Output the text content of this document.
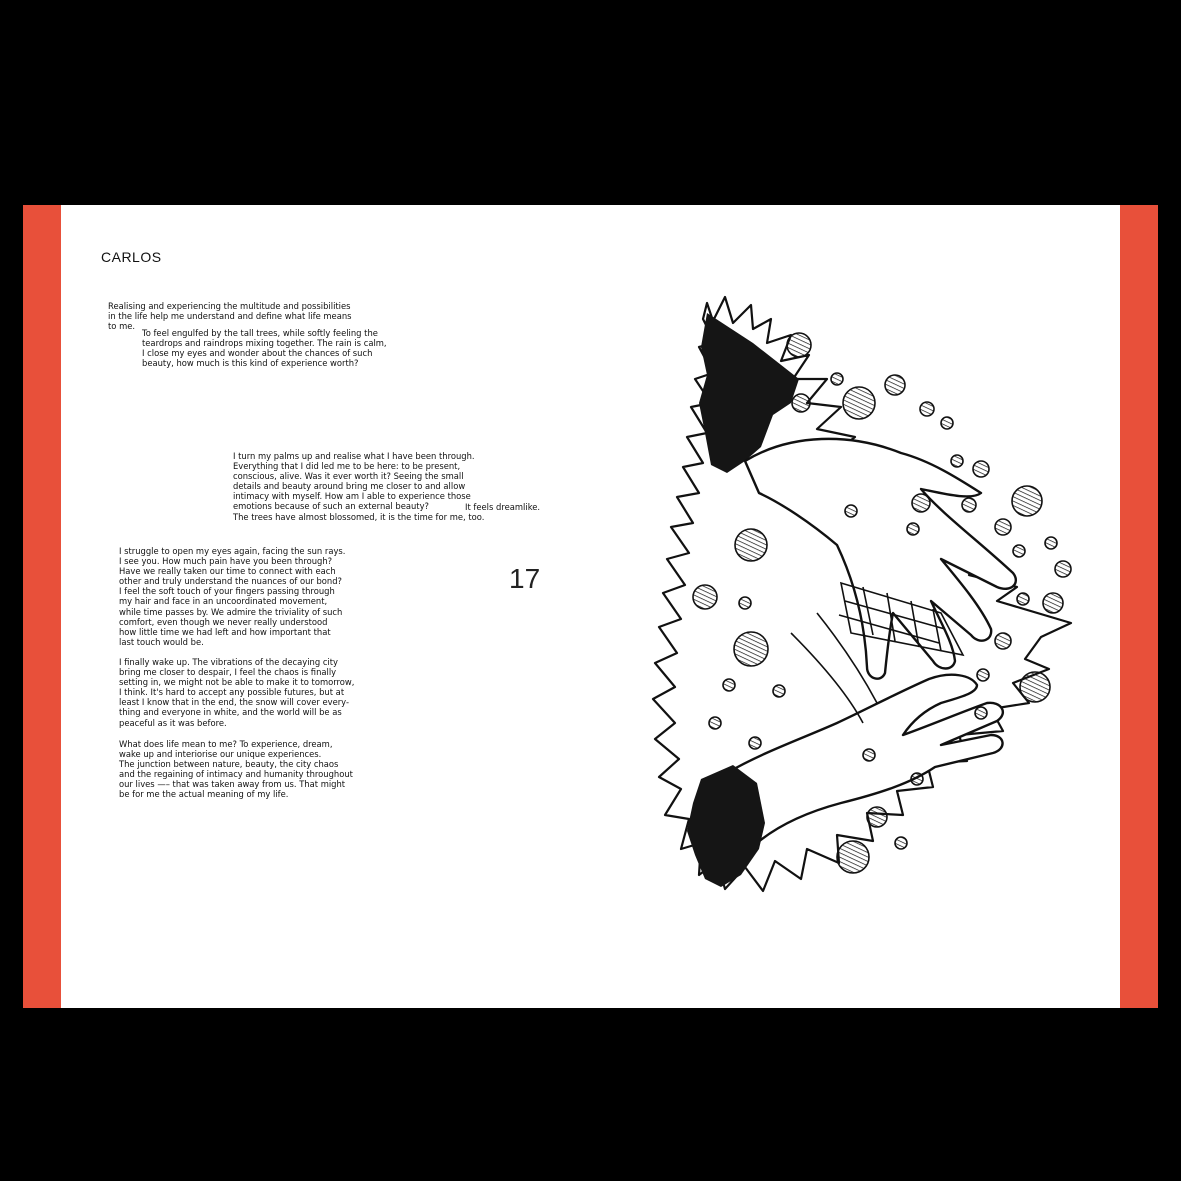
CARLOS

Realising and experiencing the multitude and possibilities
in the life help me understand and define what life means
to me.

To feel engulfed by the tall trees, while softly feeling the
teardrops and raindrops mixing together. The rain is calm,
I close my eyes and wonder about the chances of such
beauty, how much is this kind of experience worth?

I turn my palms up and realise what I have been through.
Everything that I did led me to be here: to be present,
conscious, alive. Was it ever worth it? Seeing the small
details and beauty around bring me closer to and allow
intimacy with myself. How am I able to experience those
emotions because of such an external beauty?	It feels dreamlike.
The trees have almost blossomed, it is the time for me, too.

I struggle to open my eyes again, facing the sun rays.
I see you. How much pain have you been through?
Have we really taken our time to connect with each
other and truly understand the nuances of our bond?
I feel the soft touch of your fingers passing through
my hair and face in an uncoordinated movement,
while time passes by. We admire the triviality of such
comfort, even though we never really understood
how little time we had left and how important that
last touch would be.

I finally wake up. The vibrations of the decaying city
bring me closer to despair, I feel the chaos is finally
setting in, we might not be able to make it to tomorrow,
I think. It's hard to accept any possible futures, but at
least I know that in the end, the snow will cover every-
thing and everyone in white, and the world will be as
peaceful as it was before.

What does life mean to me? To experience, dream,
wake up and interiorise our unique experiences.
The junction between nature, beauty, the city chaos
and the regaining of intimacy and humanity throughout
our lives —– that was taken away from us. That might
be for me the actual meaning of my life.

17
